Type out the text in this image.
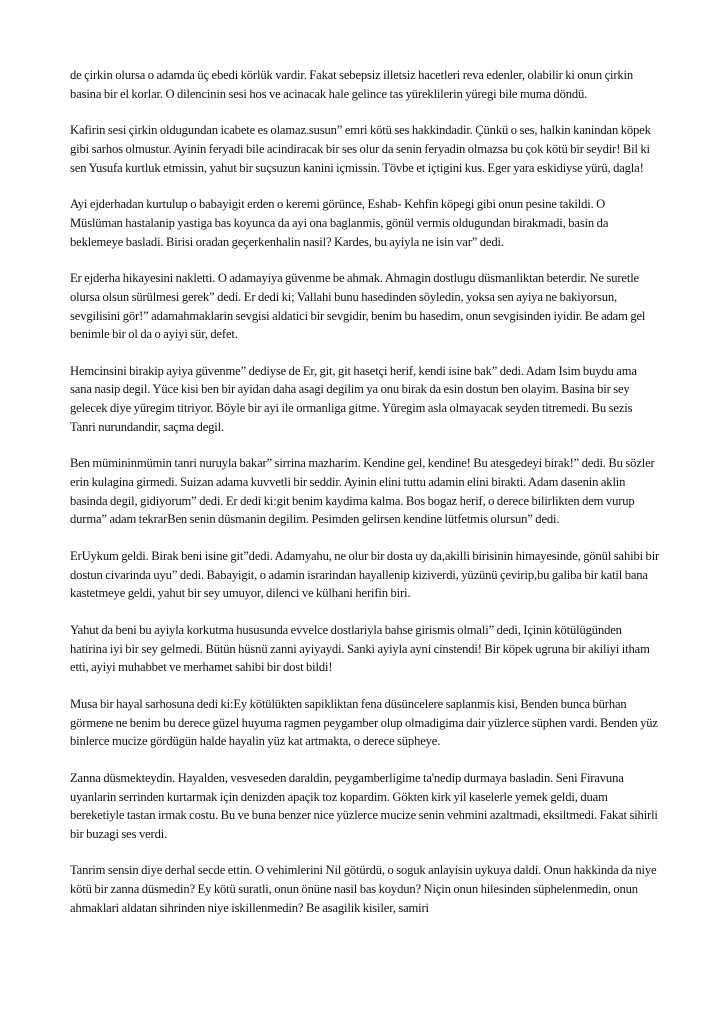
de çirkin olursa o adamda üç ebedi körlük vardir. Fakat sebepsiz illetsiz hacetleri reva edenler, olabilir ki onun çirkin basina bir el korlar. O dilencinin sesi hos ve acinacak hale gelince tas yüreklilerin yüregi bile muma döndü.

Kafirin sesi çirkin oldugundan icabete es olamaz.susun” emri kötü ses hakkindadir. Çünkü o ses, halkin kanindan köpek gibi sarhos olmustur. Ayinin feryadi bile acindiracak bir ses olur da senin feryadin olmazsa bu çok kötü bir seydir! Bil ki sen Yusufa kurtluk etmissin, yahut bir suçsuzun kanini içmissin. Tövbe et içtigini kus. Eger yara eskidiyse yürü, dagla!

Ayi ejderhadan kurtulup o babayigit erden o keremi görünce, Eshab- Kehfin köpegi gibi onun pesine takildi. O Müslüman hastalanip yastiga bas koyunca da ayi ona baglanmis, gönül vermis oldugundan birakmadi, basin da beklemeye basladi. Birisi oradan geçerkenhalin nasil? Kardes, bu ayiyla ne isin var” dedi.

Er ejderha hikayesini nakletti. O adamayiya güvenme be ahmak. Ahmagin dostlugu düsmanliktan beterdir. Ne suretle olursa olsun sürülmesi gerek” dedi. Er dedi ki; Vallahi bunu hasedinden söyledin, yoksa sen ayiya ne bakiyorsun, sevgilisini gör!” adamahmaklarin sevgisi aldatici bir sevgidir, benim bu hasedim, onun sevgisinden iyidir. Be adam gel benimle bir ol da o ayiyi sür, defet.

Hemcinsini birakip ayiya güvenme” dediyse de Er, git, git hasetçi herif, kendi isine bak” dedi. Adam Isim buydu ama sana nasip degil. Yüce kisi ben bir ayidan daha asagi degilim ya onu birak da esin dostun ben olayim. Basina bir sey gelecek diye yüregim titriyor. Böyle bir ayi ile ormanliga gitme. Yüregim asla olmayacak seyden titremedi. Bu sezis Tanri nurundandir, saçma degil.

Ben mümininmümin tanri nuruyla bakar” sirrina mazharim. Kendine gel, kendine! Bu atesgedeyi birak!” dedi. Bu sözler erin kulagina girmedi. Suizan adama kuvvetli bir seddir. Ayinin elini tuttu adamin elini birakti. Adam dasenin aklin basinda degil, gidiyorum” dedi. Er dedi ki:git benim kaydima kalma. Bos bogaz herif, o derece bilirlikten dem vurup durma” adam tekrarBen senin düsmanin degilim. Pesimden gelirsen kendine lütfetmis olursun” dedi.

ErUykum geldi. Birak beni isine git”dedi. Adamyahu, ne olur bir dosta uy da,akilli birisinin himayesinde, gönül sahibi bir dostun civarinda uyu” dedi. Babayigit, o adamin israrindan hayallenip kiziverdi, yüzünü çevirip,bu galiba bir katil bana kastetmeye geldi, yahut bir sey umuyor, dilenci ve külhani herifin biri.

Yahut da beni bu ayiyla korkutma hususunda evvelce dostlariyla bahse girismis olmali” dedi, Içinin kötülügünden hatirina iyi bir sey gelmedi. Bütün hüsnü zanni ayiyaydi. Sanki ayiyla ayni cinstendi! Bir köpek ugruna bir akiliyi itham etti, ayiyi muhabbet ve merhamet sahibi bir dost bildi!

Musa bir hayal sarhosuna dedi ki:Ey kötülükten sapikliktan fena düsüncelere saplanmis kisi, Benden bunca bürhan görmene ne benim bu derece güzel huyuma ragmen peygamber olup olmadigima dair yüzlerce süphen vardi. Benden yüz binlerce mucize gördügün halde hayalin yüz kat artmakta, o derece süpheye.

Zanna düsmekteydin. Hayalden, vesveseden daraldin, peygamberligime ta'nedip durmaya basladin. Seni Firavuna uyanlarin serrinden kurtarmak için denizden apaçik toz kopardim. Gökten kirk yil kaselerle yemek geldi, duam bereketiyle tastan irmak costu. Bu ve buna benzer nice yüzlerce mucize senin vehmini azaltmadi, eksiltmedi. Fakat sihirli bir buzagi ses verdi.

Tanrim sensin diye derhal secde ettin. O vehimlerini Nil götürdü, o soguk anlayisin uykuya daldi. Onun hakkinda da niye kötü bir zanna düsmedin? Ey kötü suratli, onun önüne nasil bas koydun? Niçin onun hilesinden süphelenmedin, onun ahmaklari aldatan sihrinden niye iskillenmedin? Be asagilik kisiler, samiri
